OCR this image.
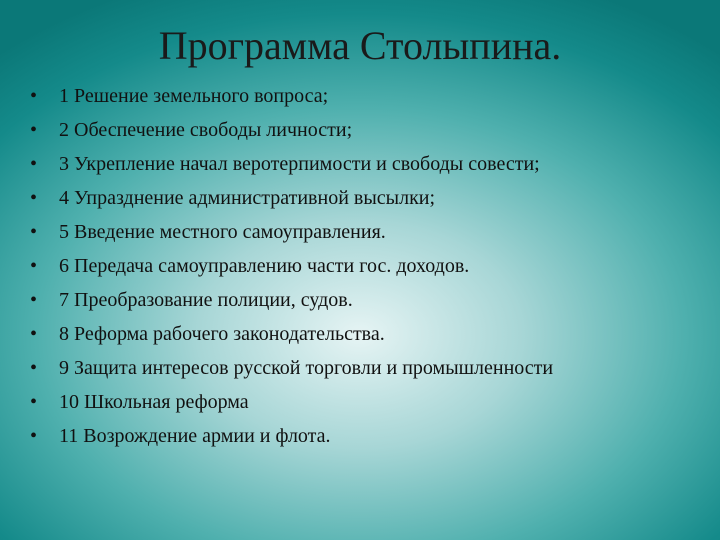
Программа Столыпина.
• 1 Решение земельного вопроса;
• 2 Обеспечение свободы личности;
• 3 Укрепление начал веротерпимости и свободы совести;
• 4 Упразднение административной высылки;
• 5 Введение местного самоуправления.
• 6 Передача самоуправлению части гос. доходов.
• 7 Преобразование полиции, судов.
• 8 Реформа рабочего законодательства.
• 9 Защита интересов русской торговли и промышленности
• 10 Школьная реформа
• 11 Возрождение армии и флота.
